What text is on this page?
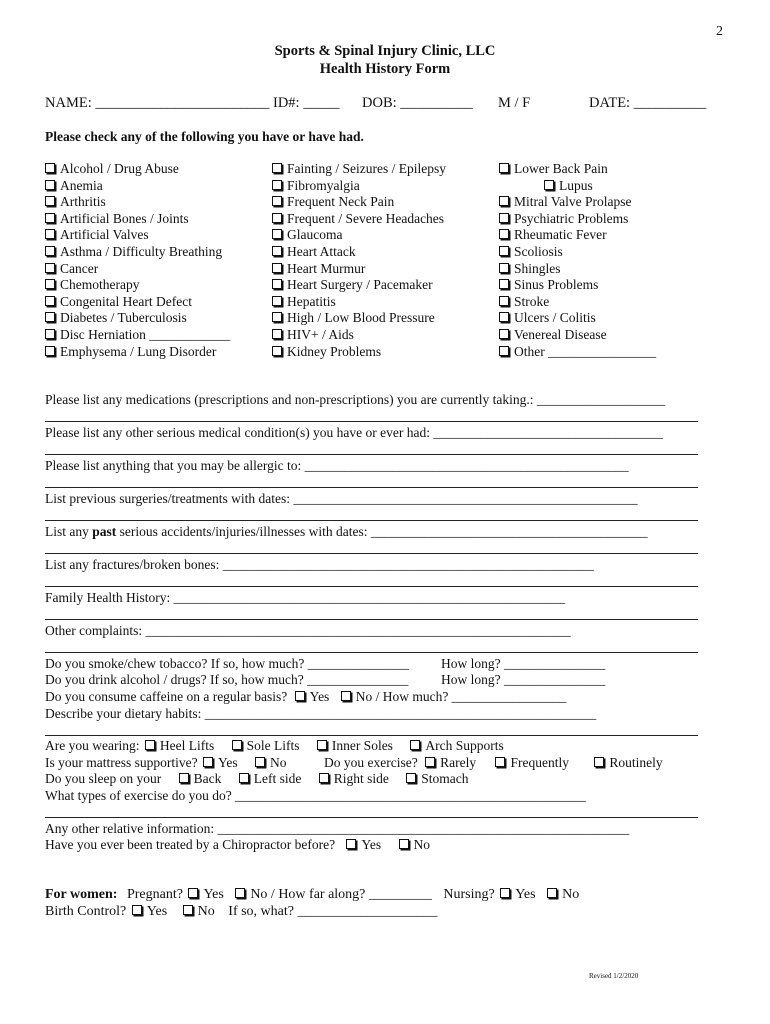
2
Sports & Spinal Injury Clinic, LLC
Health History Form
NAME: ________________________ ID#: _____ DOB: __________ M / F	DATE: __________
Please check any of the following you have or have had.
Alcohol / Drug Abuse
Anemia
Arthritis
Artificial Bones / Joints
Artificial Valves
Asthma / Difficulty Breathing
Cancer
Chemotherapy
Congenital Heart Defect
Diabetes / Tuberculosis
Disc Herniation ____________
Emphysema / Lung Disorder
Fainting / Seizures / Epilepsy
Fibromyalgia
Frequent Neck Pain
Frequent / Severe Headaches
Glaucoma
Heart Attack
Heart Murmur
Heart Surgery / Pacemaker
Hepatitis
High / Low Blood Pressure
HIV+ / Aids
Kidney Problems
Lower Back Pain
Lupus
Mitral Valve Prolapse
Psychiatric Problems
Rheumatic Fever
Scoliosis
Shingles
Sinus Problems
Stroke
Ulcers / Colitis
Venereal Disease
Other ________________
Please list any medications (prescriptions and non-prescriptions) you are currently taking.: ___________________
Please list any other serious medical condition(s) you have or ever had: __________________________________
Please list anything that you may be allergic to: ________________________________________________
List previous surgeries/treatments with dates: ___________________________________________________
List any past serious accidents/injuries/illnesses with dates: _________________________________________
List any fractures/broken bones: _______________________________________________________
Family Health History: __________________________________________________________
Other complaints: _______________________________________________________________
Do you smoke/chew tobacco? If so, how much? _______________ How long? _______________
Do you drink alcohol / drugs? If so, how much? _______________ How long? _______________
Do you consume caffeine on a regular basis? Yes No / How much? _________________
Describe your dietary habits: __________________________________________________________
Are you wearing: Heel Lifts Sole Lifts Inner Soles Arch Supports
Is your mattress supportive? Yes No	Do you exercise? Rarely	Frequently	Routinely
Do you sleep on your Back Left side Right side Stomach
What types of exercise do you do? ____________________________________________________
Any other relative information: _____________________________________________________________
Have you ever been treated by a Chiropractor before? Yes No
For women: Pregnant? Yes No / How far along? _________ Nursing? Yes No
Birth Control? Yes No If so, what? ____________________
Revised 1/2/2020
